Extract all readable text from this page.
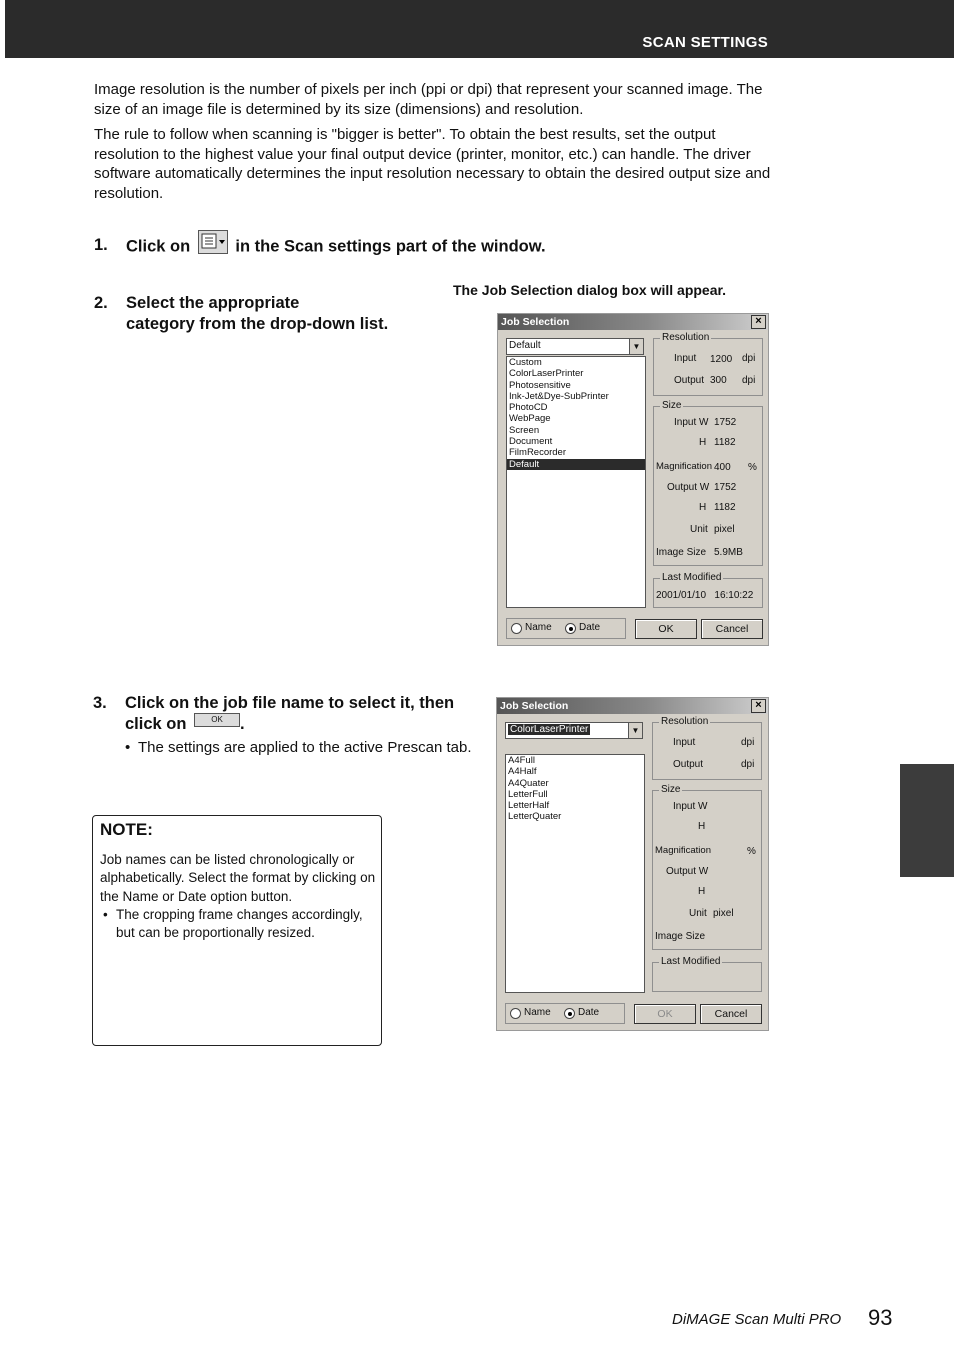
SCAN SETTINGS

Image resolution is the number of pixels per inch (ppi or dpi) that represent your scanned image. The size of an image file is determined by its size (dimensions) and resolution.

The rule to follow when scanning is "bigger is better". To obtain the best results, set the output resolution to the highest value your final output device (printer, monitor, etc.) can handle. The driver software automatically determines the input resolution necessary to obtain the desired output size and resolution.

1. Click on	in the Scan settings part of the window.
2. Select the appropriate
category from the drop-down list.
The Job Selection dialog box will appear.
Job Selection	×
Default	▼
Custom
ColorLaserPrinter
Photosensitive
Ink-Jet&Dye-SubPrinter
PhotoCD
WebPage
Screen
Document
FilmRecorder
Default
Resolution
Input 1200 dpi
Output 300 dpi
Size
Input W 1752
H 1182
Magnification 400 %
Output W 1752
H 1182
Unit pixel
Image Size 5.9MB
Last Modified
2001/01/10   16:10:22
Name	Date	OK	Cancel
3. Click on the job file name to select it, then
click on	OK .
• The settings are applied to the active Prescan tab.
Job Selection	×
ColorLaserPrinter	▼
A4Full
A4Half
A4Quater
LetterFull
LetterHalf
LetterQuater
Resolution
Input	dpi
Output	dpi
Size
Input W
H
Magnification	%
Output W
H
Unit pixel
Image Size
Last Modified
Name	Date	OK	Cancel
NOTE:
Job names can be listed chronologically or alphabetically. Select the format by clicking on the Name or Date option button.
• The cropping frame changes accordingly, but can be proportionally resized.
DiMAGE Scan Multi PRO 93
